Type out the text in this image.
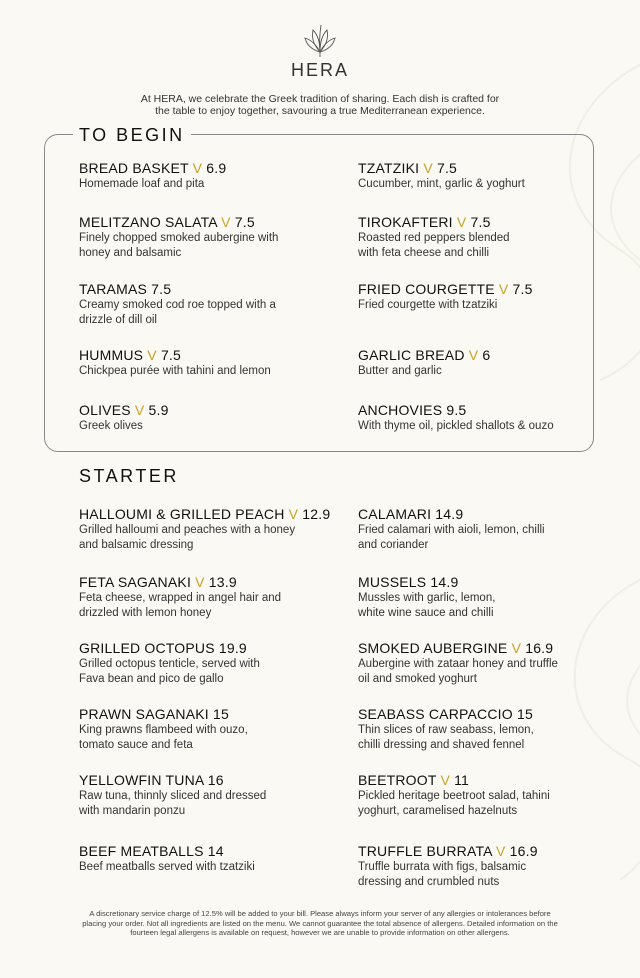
HERA
At HERA, we celebrate the Greek tradition of sharing. Each dish is crafted for
the table to enjoy together, savouring a true Mediterranean experience.
TO BEGIN
STARTER
BREAD BASKET V 6.9
Homemade loaf and pita
TZATZIKI V 7.5
Cucumber, mint, garlic & yoghurt
MELITZANO SALATA V 7.5
Finely chopped smoked aubergine with
honey and balsamic
TIROKAFTERI V 7.5
Roasted red peppers blended
with feta cheese and chilli
TARAMAS 7.5
Creamy smoked cod roe topped with a
drizzle of dill oil
FRIED COURGETTE V 7.5
Fried courgette with tzatziki
HUMMUS V 7.5
Chickpea purée with tahini and lemon
GARLIC BREAD V 6
Butter and garlic
OLIVES V 5.9
Greek olives
ANCHOVIES 9.5
With thyme oil, pickled shallots & ouzo
HALLOUMI & GRILLED PEACH V 12.9
Grilled halloumi and peaches with a honey
and balsamic dressing
CALAMARI 14.9
Fried calamari with aioli, lemon, chilli
and coriander
FETA SAGANAKI V 13.9
Feta cheese, wrapped in angel hair and
drizzled with lemon honey
MUSSELS 14.9
Mussles with garlic, lemon,
white wine sauce and chilli
GRILLED OCTOPUS 19.9
Grilled octopus tenticle, served with
Fava bean and pico de gallo
SMOKED AUBERGINE V 16.9
Aubergine with zataar honey and truffle
oil and smoked yoghurt
PRAWN SAGANAKI 15
King prawns flambeed with ouzo,
tomato sauce and feta
SEABASS CARPACCIO 15
Thin slices of raw seabass, lemon,
chilli dressing and shaved fennel
YELLOWFIN TUNA 16
Raw tuna, thinnly sliced and dressed
with mandarin ponzu
BEETROOT V 11
Pickled heritage beetroot salad, tahini
yoghurt, caramelised hazelnuts
BEEF MEATBALLS 14
Beef meatballs served with tzatziki
TRUFFLE BURRATA V 16.9
Truffle burrata with figs, balsamic
dressing and crumbled nuts
A discretionary service charge of 12.5% will be added to your bill. Please always inform your server of any allergies or intolerances before
placing your order. Not all ingredients are listed on the menu. We cannot guarantee the total absence of allergens. Detailed information on the
fourteen legal allergens is available on request, however we are unable to provide information on other allergens.
